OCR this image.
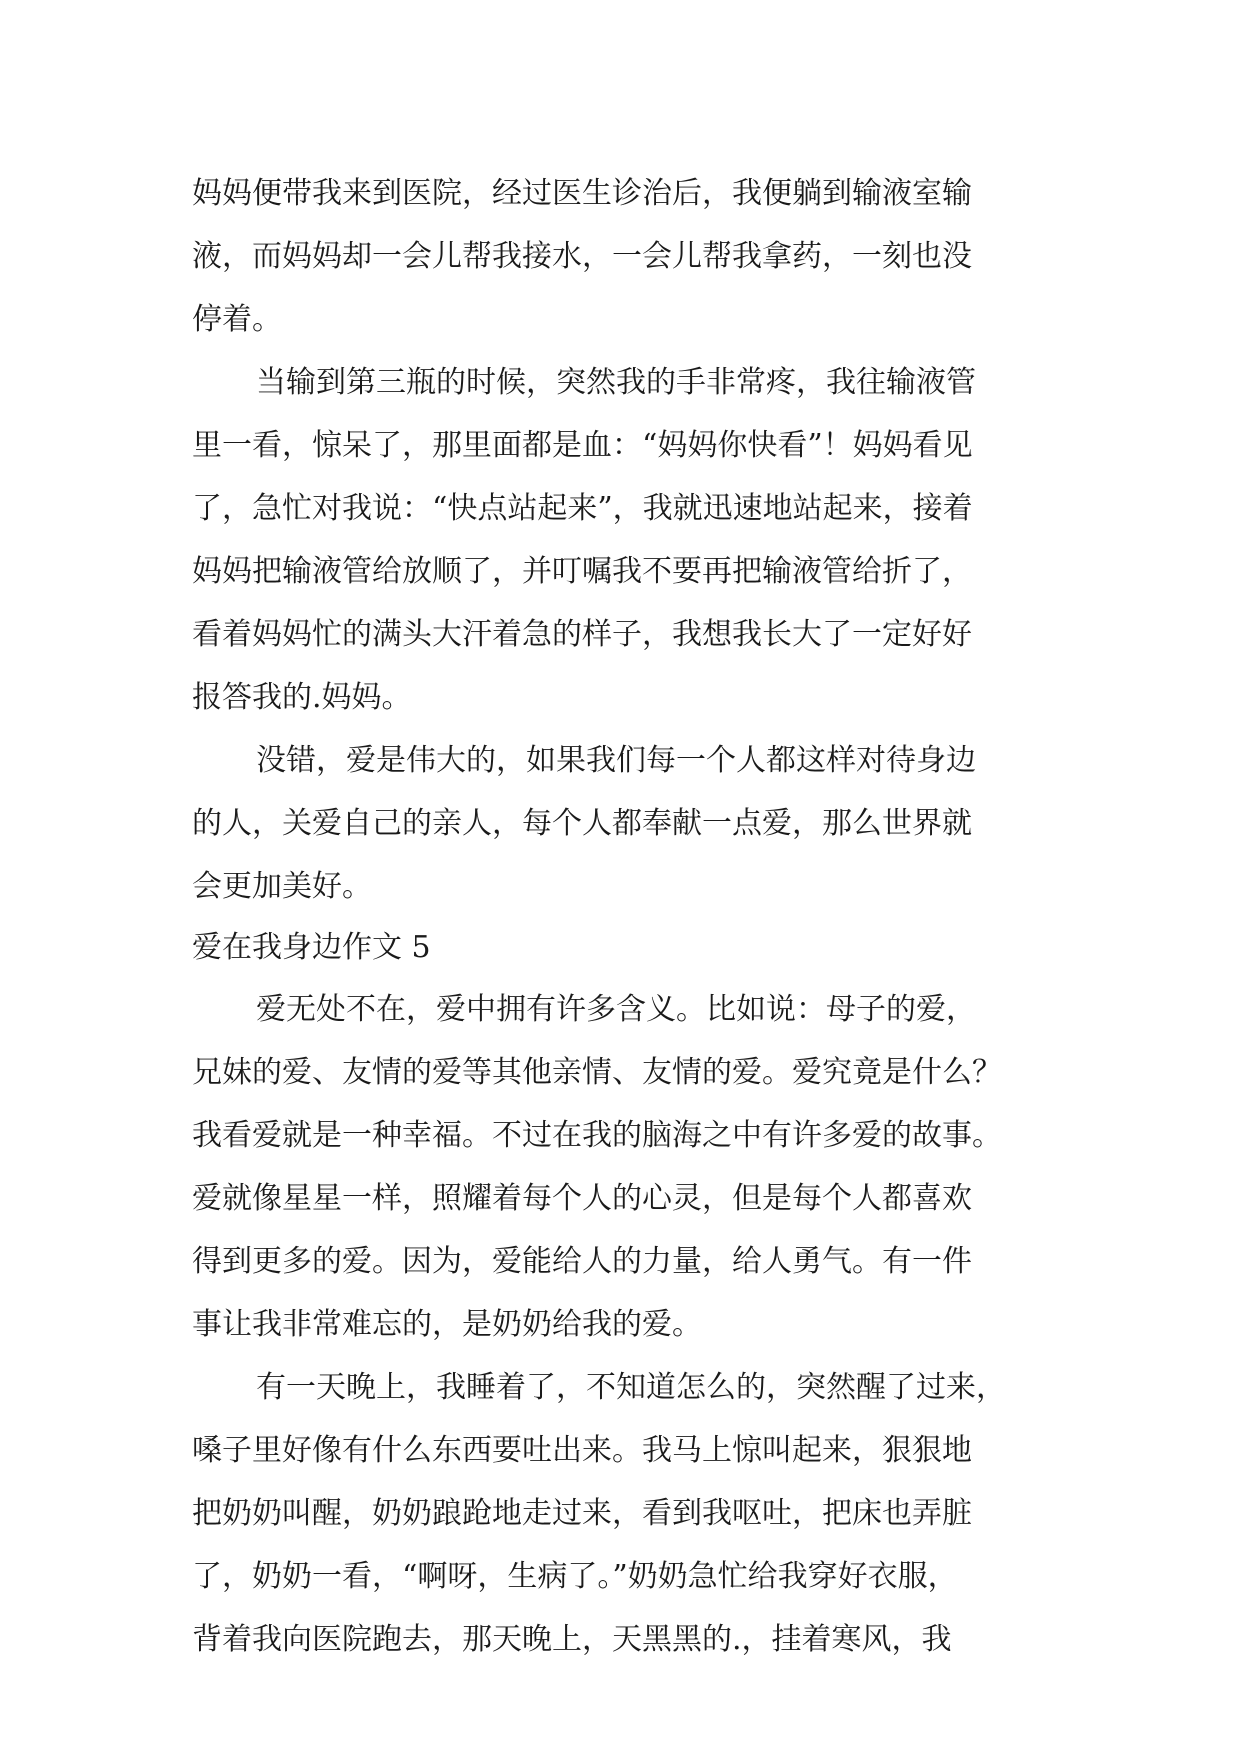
妈妈便带我来到医院，经过医生诊治后，我便躺到输液室输
液，而妈妈却一会儿帮我接水，一会儿帮我拿药，一刻也没
停着。
当输到第三瓶的时候，突然我的手非常疼，我往输液管
里一看，惊呆了，那里面都是血：“妈妈你快看”！妈妈看见
了，急忙对我说：“快点站起来”，我就迅速地站起来，接着
妈妈把输液管给放顺了，并叮嘱我不要再把输液管给折了，
看着妈妈忙的满头大汗着急的样子，我想我长大了一定好好
报答我的.妈妈。
没错，爱是伟大的，如果我们每一个人都这样对待身边
的人，关爱自己的亲人，每个人都奉献一点爱，那么世界就
会更加美好。
爱在我身边作文 5
爱无处不在，爱中拥有许多含义。比如说：母子的爱，
兄妹的爱、友情的爱等其他亲情、友情的爱。爱究竟是什么？
我看爱就是一种幸福。不过在我的脑海之中有许多爱的故事。
爱就像星星一样，照耀着每个人的心灵，但是每个人都喜欢
得到更多的爱。因为，爱能给人的力量，给人勇气。有一件
事让我非常难忘的，是奶奶给我的爱。
有一天晚上，我睡着了，不知道怎么的，突然醒了过来，
嗓子里好像有什么东西要吐出来。我马上惊叫起来，狠狠地
把奶奶叫醒，奶奶踉跄地走过来，看到我呕吐，把床也弄脏
了，奶奶一看，“啊呀，生病了。”奶奶急忙给我穿好衣服，
背着我向医院跑去，那天晚上，天黑黑的.，挂着寒风，我
